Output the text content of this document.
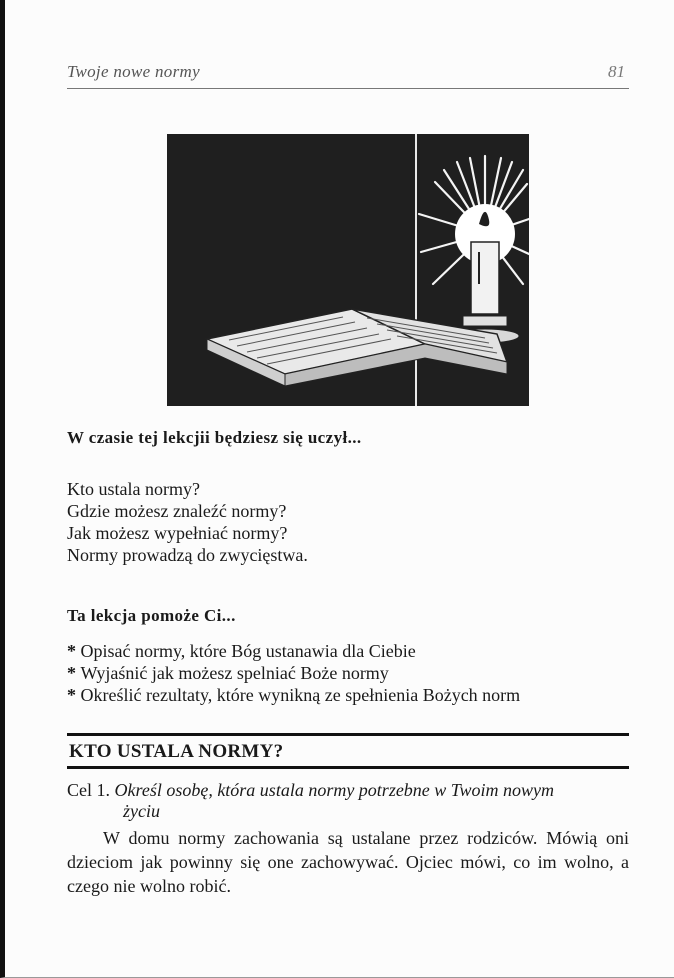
Twoje nowe normy	81
W czasie tej lekcjii będziesz się uczył...
Kto ustala normy?
Gdzie możesz znaleźć normy?
Jak możesz wypełniać normy?
Normy prowadzą do zwycięstwa.
Ta lekcja pomoże Ci...
* Opisać normy, które Bóg ustanawia dla Ciebie
* Wyjaśnić jak możesz spelniać Boże normy
* Określić rezultaty, które wynikną ze spełnienia Bożych norm
KTO USTALA NORMY?
Cel 1. Określ osobę, która ustala normy potrzebne w Twoim nowym
życiu

W domu normy zachowania są ustalane przez rodziców. Mówią oni dzieciom jak powinny się one zachowywać. Ojciec mówi, co im wolno, a czego nie wolno robić.
